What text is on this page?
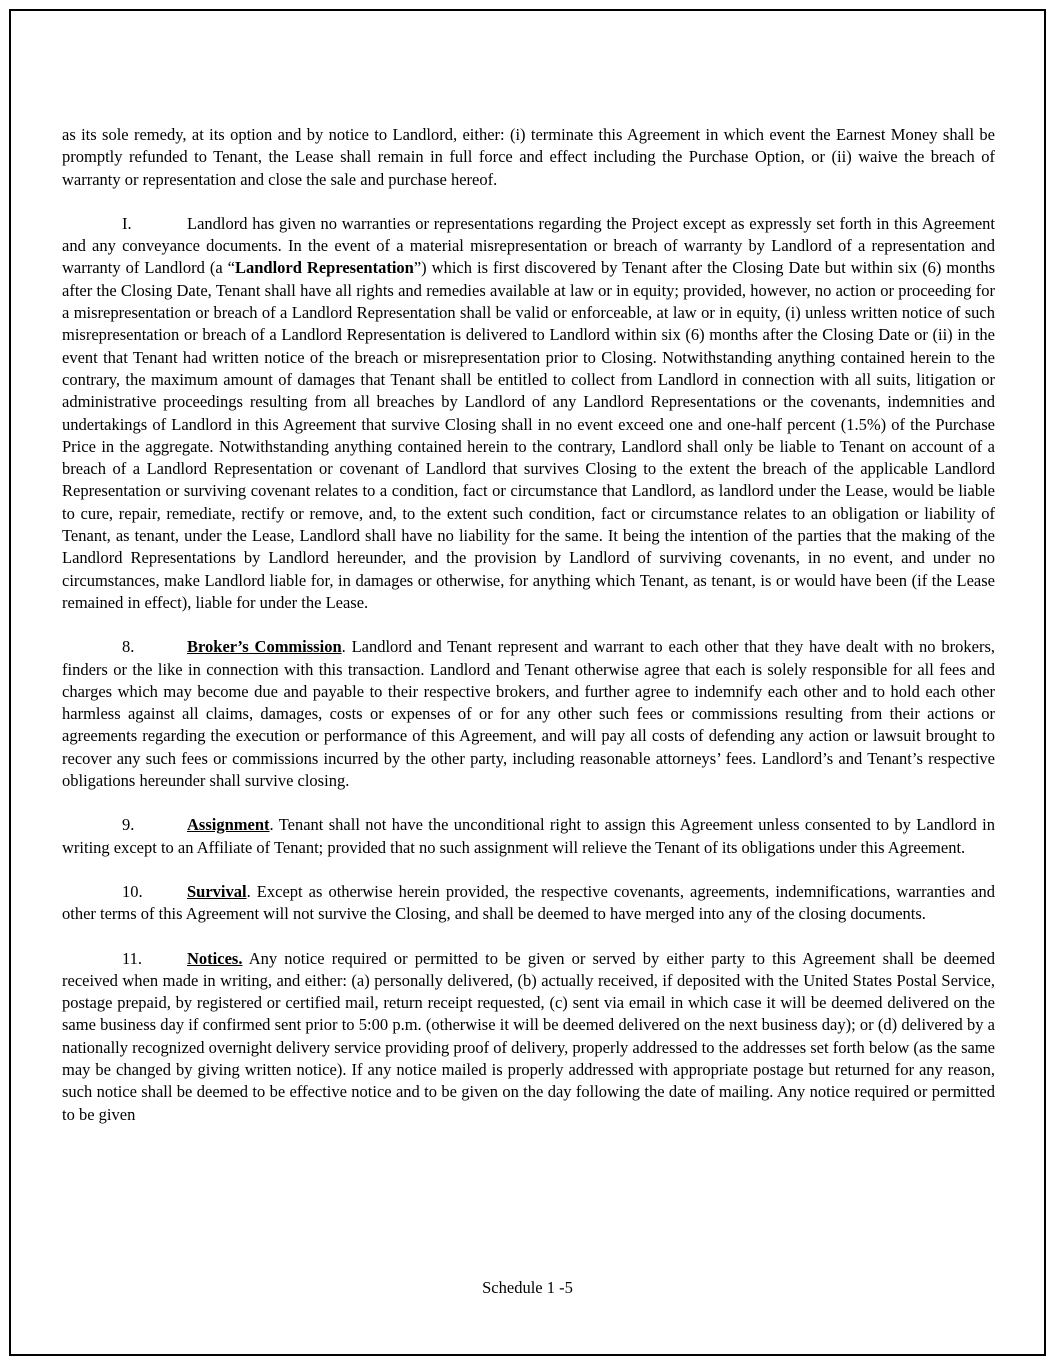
as its sole remedy, at its option and by notice to Landlord, either: (i) terminate this Agreement in which event the Earnest Money shall be promptly refunded to Tenant, the Lease shall remain in full force and effect including the Purchase Option, or (ii) waive the breach of warranty or representation and close the sale and purchase hereof.

I.	Landlord has given no warranties or representations regarding the Project except as expressly set forth in this Agreement and any conveyance documents. In the event of a material misrepresentation or breach of warranty by Landlord of a representation and warranty of Landlord (a “Landlord Representation”) which is first discovered by Tenant after the Closing Date but within six (6) months after the Closing Date, Tenant shall have all rights and remedies available at law or in equity; provided, however, no action or proceeding for a misrepresentation or breach of a Landlord Representation shall be valid or enforceable, at law or in equity, (i) unless written notice of such misrepresentation or breach of a Landlord Representation is delivered to Landlord within six (6) months after the Closing Date or (ii) in the event that Tenant had written notice of the breach or misrepresentation prior to Closing. Notwithstanding anything contained herein to the contrary, the maximum amount of damages that Tenant shall be entitled to collect from Landlord in connection with all suits, litigation or administrative proceedings resulting from all breaches by Landlord of any Landlord Representations or the covenants, indemnities and undertakings of Landlord in this Agreement that survive Closing shall in no event exceed one and one-half percent (1.5%) of the Purchase Price in the aggregate. Notwithstanding anything contained herein to the contrary, Landlord shall only be liable to Tenant on account of a breach of a Landlord Representation or covenant of Landlord that survives Closing to the extent the breach of the applicable Landlord Representation or surviving covenant relates to a condition, fact or circumstance that Landlord, as landlord under the Lease, would be liable to cure, repair, remediate, rectify or remove, and, to the extent such condition, fact or circumstance relates to an obligation or liability of Tenant, as tenant, under the Lease, Landlord shall have no liability for the same. It being the intention of the parties that the making of the Landlord Representations by Landlord hereunder, and the provision by Landlord of surviving covenants, in no event, and under no circumstances, make Landlord liable for, in damages or otherwise, for anything which Tenant, as tenant, is or would have been (if the Lease remained in effect), liable for under the Lease.

8.	Broker’s Commission. Landlord and Tenant represent and warrant to each other that they have dealt with no brokers, finders or the like in connection with this transaction. Landlord and Tenant otherwise agree that each is solely responsible for all fees and charges which may become due and payable to their respective brokers, and further agree to indemnify each other and to hold each other harmless against all claims, damages, costs or expenses of or for any other such fees or commissions resulting from their actions or agreements regarding the execution or performance of this Agreement, and will pay all costs of defending any action or lawsuit brought to recover any such fees or commissions incurred by the other party, including reasonable attorneys’ fees. Landlord’s and Tenant’s respective obligations hereunder shall survive closing.

9.	Assignment. Tenant shall not have the unconditional right to assign this Agreement unless consented to by Landlord in writing except to an Affiliate of Tenant; provided that no such assignment will relieve the Tenant of its obligations under this Agreement.

10.	Survival. Except as otherwise herein provided, the respective covenants, agreements, indemnifications, warranties and other terms of this Agreement will not survive the Closing, and shall be deemed to have merged into any of the closing documents.

11.	Notices. Any notice required or permitted to be given or served by either party to this Agreement shall be deemed received when made in writing, and either: (a) personally delivered, (b) actually received, if deposited with the United States Postal Service, postage prepaid, by registered or certified mail, return receipt requested, (c) sent via email in which case it will be deemed delivered on the same business day if confirmed sent prior to 5:00 p.m. (otherwise it will be deemed delivered on the next business day); or (d) delivered by a nationally recognized overnight delivery service providing proof of delivery, properly addressed to the addresses set forth below (as the same may be changed by giving written notice). If any notice mailed is properly addressed with appropriate postage but returned for any reason, such notice shall be deemed to be effective notice and to be given on the day following the date of mailing. Any notice required or permitted to be given

Schedule 1 -5
